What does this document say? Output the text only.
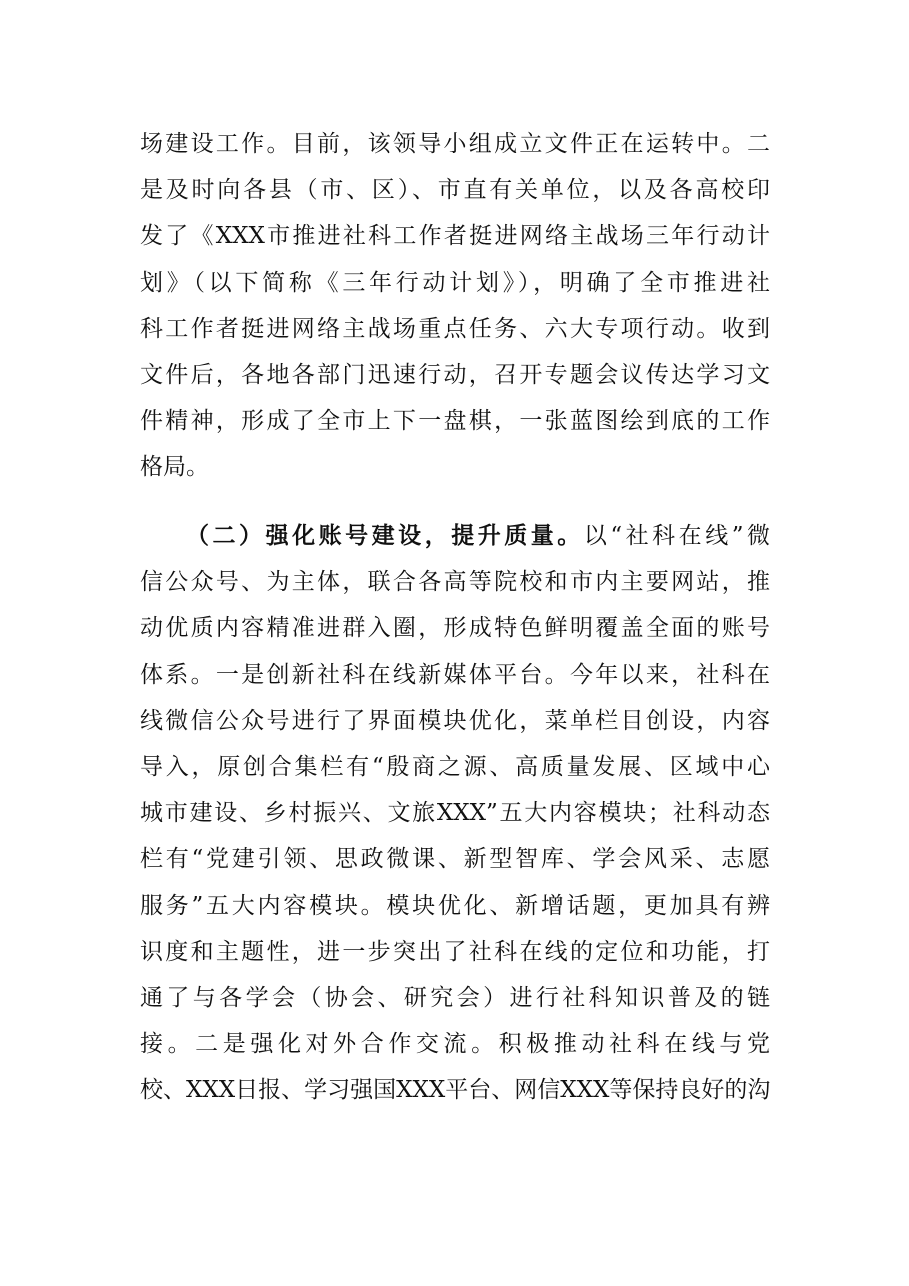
场建设工作。目前，该领导小组成立文件正在运转中。二
是及时向各县（市、区）、市直有关单位，以及各高校印
发了《XXX市推进社科工作者挺进网络主战场三年行动计
划》（以下简称《三年行动计划》），明确了全市推进社
科工作者挺进网络主战场重点任务、六大专项行动。收到
文件后，各地各部门迅速行动，召开专题会议传达学习文
件精神，形成了全市上下一盘棋，一张蓝图绘到底的工作
格局。
（二）强化账号建设，提升质量。以“社科在线”微
信公众号、为主体，联合各高等院校和市内主要网站，推
动优质内容精准进群入圈，形成特色鲜明覆盖全面的账号
体系。一是创新社科在线新媒体平台。今年以来，社科在
线微信公众号进行了界面模块优化，菜单栏目创设，内容
导入，原创合集栏有“殷商之源、高质量发展、区域中心
城市建设、乡村振兴、文旅XXX”五大内容模块；社科动态
栏有“党建引领、思政微课、新型智库、学会风采、志愿
服务”五大内容模块。模块优化、新增话题，更加具有辨
识度和主题性，进一步突出了社科在线的定位和功能，打
通了与各学会（协会、研究会）进行社科知识普及的链
接。二是强化对外合作交流。积极推动社科在线与党
校、XXX日报、学习强国XXX平台、网信XXX等保持良好的沟
